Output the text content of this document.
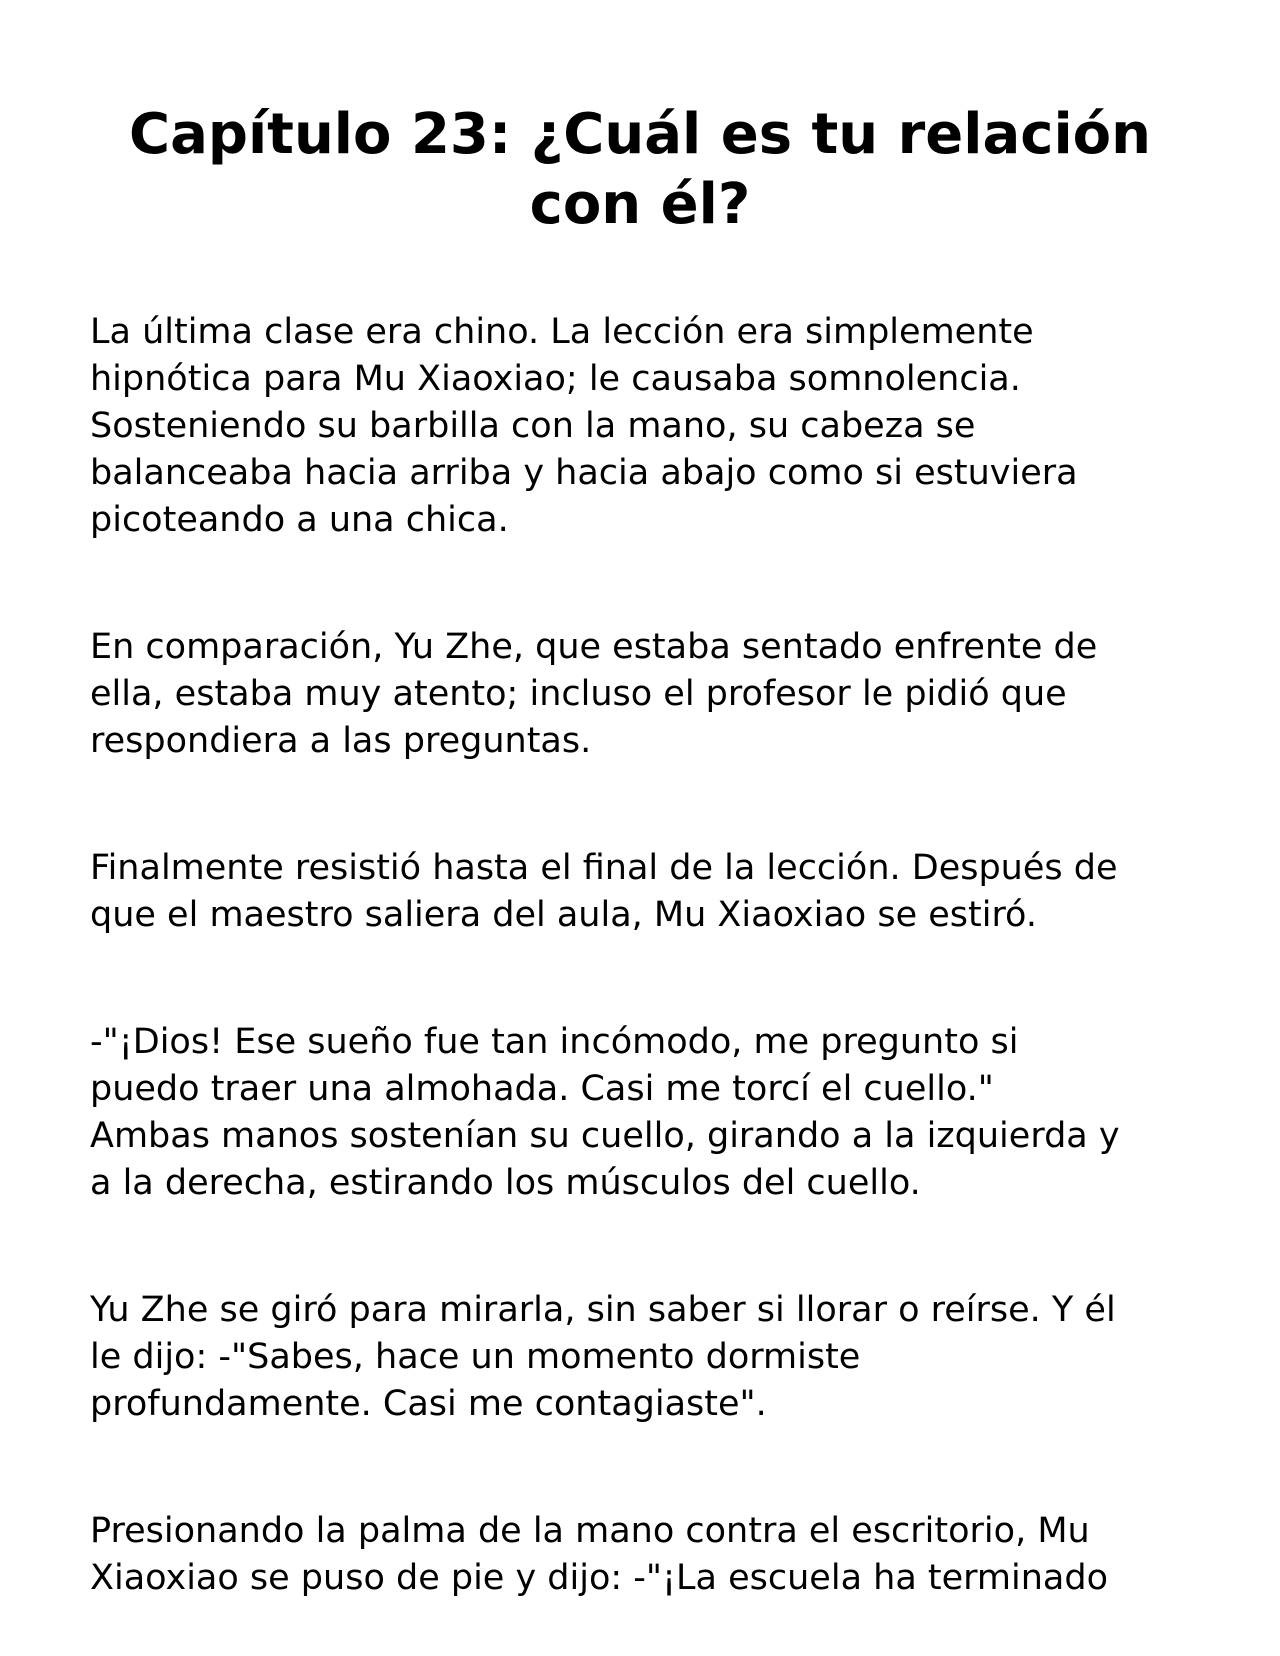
Capítulo 23: ¿Cuál es tu relación
con él?

La última clase era chino. La lección era simplemente
hipnótica para Mu Xiaoxiao; le causaba somnolencia.
Sosteniendo su barbilla con la mano, su cabeza se
balanceaba hacia arriba y hacia abajo como si estuviera
picoteando a una chica.

En comparación, Yu Zhe, que estaba sentado enfrente de
ella, estaba muy atento; incluso el profesor le pidió que
respondiera a las preguntas.

Finalmente resistió hasta el final de la lección. Después de
que el maestro saliera del aula, Mu Xiaoxiao se estiró.

-"¡Dios! Ese sueño fue tan incómodo, me pregunto si
puedo traer una almohada. Casi me torcí el cuello."
Ambas manos sostenían su cuello, girando a la izquierda y
a la derecha, estirando los músculos del cuello.

Yu Zhe se giró para mirarla, sin saber si llorar o reírse. Y él
le dijo: -"Sabes, hace un momento dormiste
profundamente. Casi me contagiaste".

Presionando la palma de la mano contra el escritorio, Mu
Xiaoxiao se puso de pie y dijo: -"¡La escuela ha terminado
